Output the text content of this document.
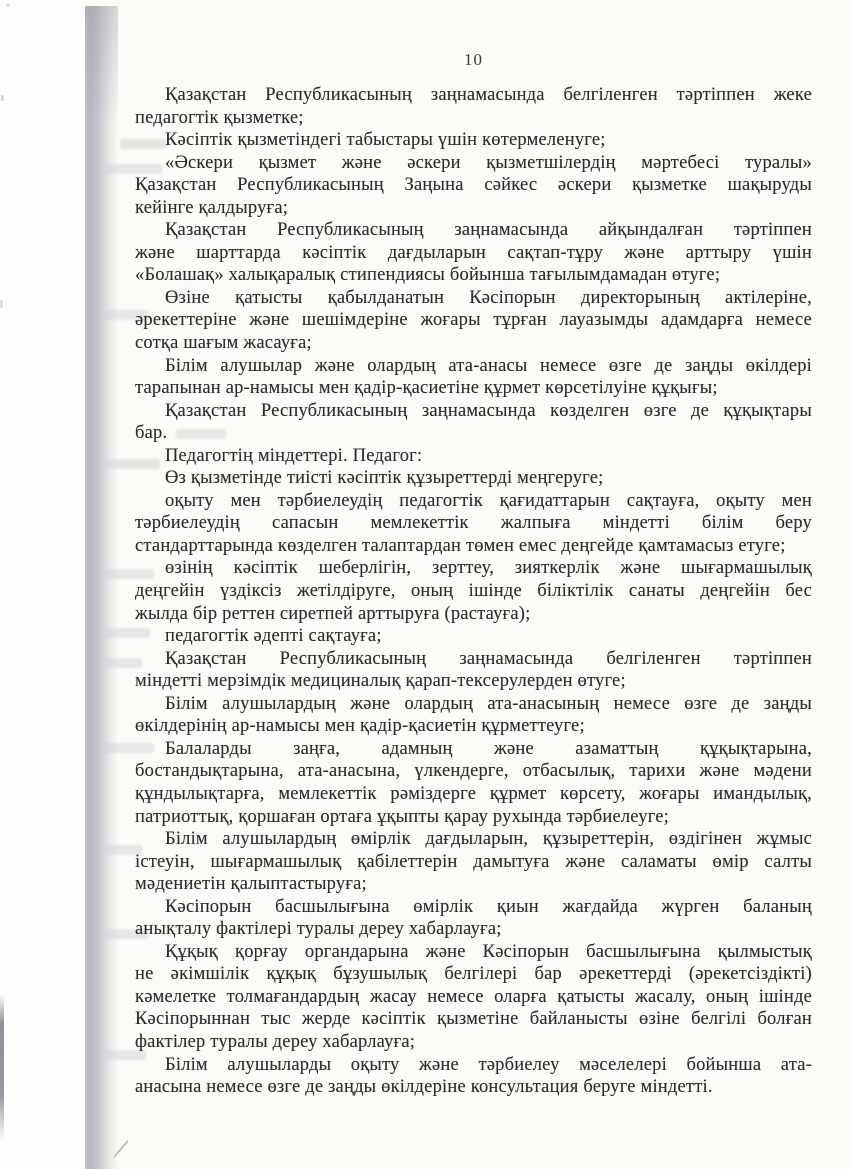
10
Қазақстан Республикасының заңнамасында белгіленген тәртіппен жеке
педагогтік қызметке;
Кәсіптік қызметіндегі табыстары үшін көтермеленуге;
«Әскери қызмет және әскери қызметшілердің мәртебесі туралы»
Қазақстан Республикасының Заңына сәйкес әскери қызметке шақыруды
кейінге қалдыруға;
Қазақстан Республикасының заңнамасында айқындалған тәртіппен
және шарттарда кәсіптік дағдыларын сақтап-тұру және арттыру үшін
«Болашақ» халықаралық стипендиясы бойынша тағылымдамадан өтуге;
Өзіне қатысты қабылданатын Кәсіпорын директорының актілеріне,
әрекеттеріне және шешімдеріне жоғары тұрған лауазымды адамдарға немесе
сотқа шағым жасауға;
Білім алушылар және олардың ата-анасы немесе өзге де заңды өкілдері
тарапынан ар-намысы мен қадір-қасиетіне құрмет көрсетілуіне құқығы;
Қазақстан Республикасының заңнамасында көзделген өзге де құқықтары
бар.
Педагогтің міндеттері. Педагог:
Өз қызметінде тиісті кәсіптік құзыреттерді меңгеруге;
оқыту мен тәрбиелеудің педагогтік қағидаттарын сақтауға, оқыту мен
тәрбиелеудің сапасын мемлекеттік жалпыға міндетті білім беру
стандарттарында көзделген талаптардан төмен емес деңгейде қамтамасыз етуге;
өзінің кәсіптік шеберлігін, зерттеу, зияткерлік және шығармашылық
деңгейін үздіксіз жетілдіруге, оның ішінде біліктілік санаты деңгейін бес
жылда бір реттен сиретпей арттыруға (растауға);
педагогтік әдепті сақтауға;
Қазақстан Республикасының заңнамасында белгіленген тәртіппен
міндетті мерзімдік медициналық қарап-тексерулерден өтуге;
Білім алушылардың және олардың ата-анасының немесе өзге де заңды
өкілдерінің ар-намысы мен қадір-қасиетін құрметтеуге;
Балаларды заңға, адамның және азаматтың құқықтарына,
бостандықтарына, ата-анасына, үлкендерге, отбасылық, тарихи және мәдени
құндылықтарға, мемлекеттік рәміздерге құрмет көрсету, жоғары имандылық,
патриоттық, қоршаған ортаға ұқыпты қарау рухында тәрбиелеуге;
Білім алушылардың өмірлік дағдыларын, құзыреттерін, өздігінен жұмыс
істеуін, шығармашылық қабілеттерін дамытуға және саламаты өмір салты
мәдениетін қалыптастыруға;
Кәсіпорын басшылығына өмірлік қиын жағдайда жүрген баланың
анықталу фактілері туралы дереу хабарлауға;
Құқық қорғау органдарына және Кәсіпорын басшылығына қылмыстық
не әкімшілік құқық бұзушылық белгілері бар әрекеттерді (әрекетсіздікті)
кәмелетке толмағандардың жасау немесе оларға қатысты жасалу, оның ішінде
Кәсіпорыннан тыс жерде кәсіптік қызметіне байланысты өзіне белгілі болған
фактілер туралы дереу хабарлауға;
Білім алушыларды оқыту және тәрбиелеу мәселелері бойынша ата-
анасына немесе өзге де заңды өкілдеріне консультация беруге міндетті.
